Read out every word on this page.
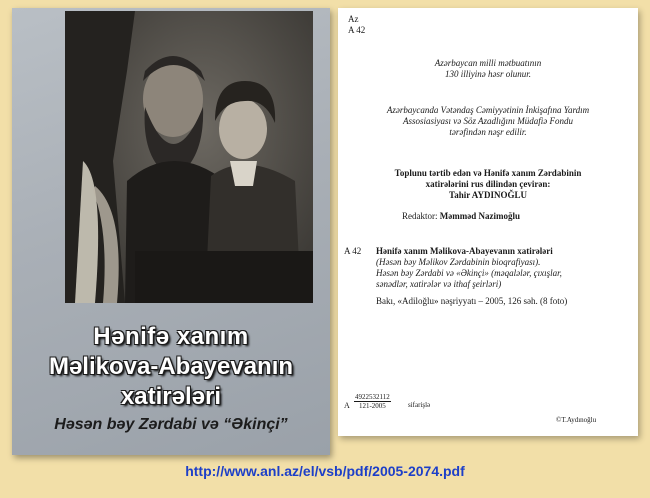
Hənifə xanım
Məlikova-Abayevanın
xatirələri
Həsən bəy Zərdabi və “Əkinçi”
Az
A 42
Azərbaycan milli mətbuatının
130 illiyinə həsr olunur.
Azərbaycanda Vətəndaş Cəmiyyətinin İnkişafına Yardım
Assosiasiyası və Söz Azadlığını Müdafiə Fondu
tərəfindən nəşr edilir.
Toplunu tərtib edən və Hənifə xanım Zərdabinin
xatirələrini rus dilindən çevirən:
Tahir AYDINOĞLU
Redaktor: Məmməd Nazimoğlu
A 42 Hənifə xanım Məlikova-Abayevanın xatirələri
(Həsən bəy Məlikov Zərdabinin bioqrafiyası).
Həsən bəy Zərdabi və «Əkinçi» (məqalələr, çıxışlar,
sənədlər, xatirələr və ithaf şeirləri)
Bakı, «Adiloğlu» nəşriyyatı – 2005, 126 səh. (8 foto)
A $\frac{4922532112}{121-2005}$ sifarişlə
©T.Aydınoğlu
http://www.anl.az/el/vsb/pdf/2005-2074.pdf
